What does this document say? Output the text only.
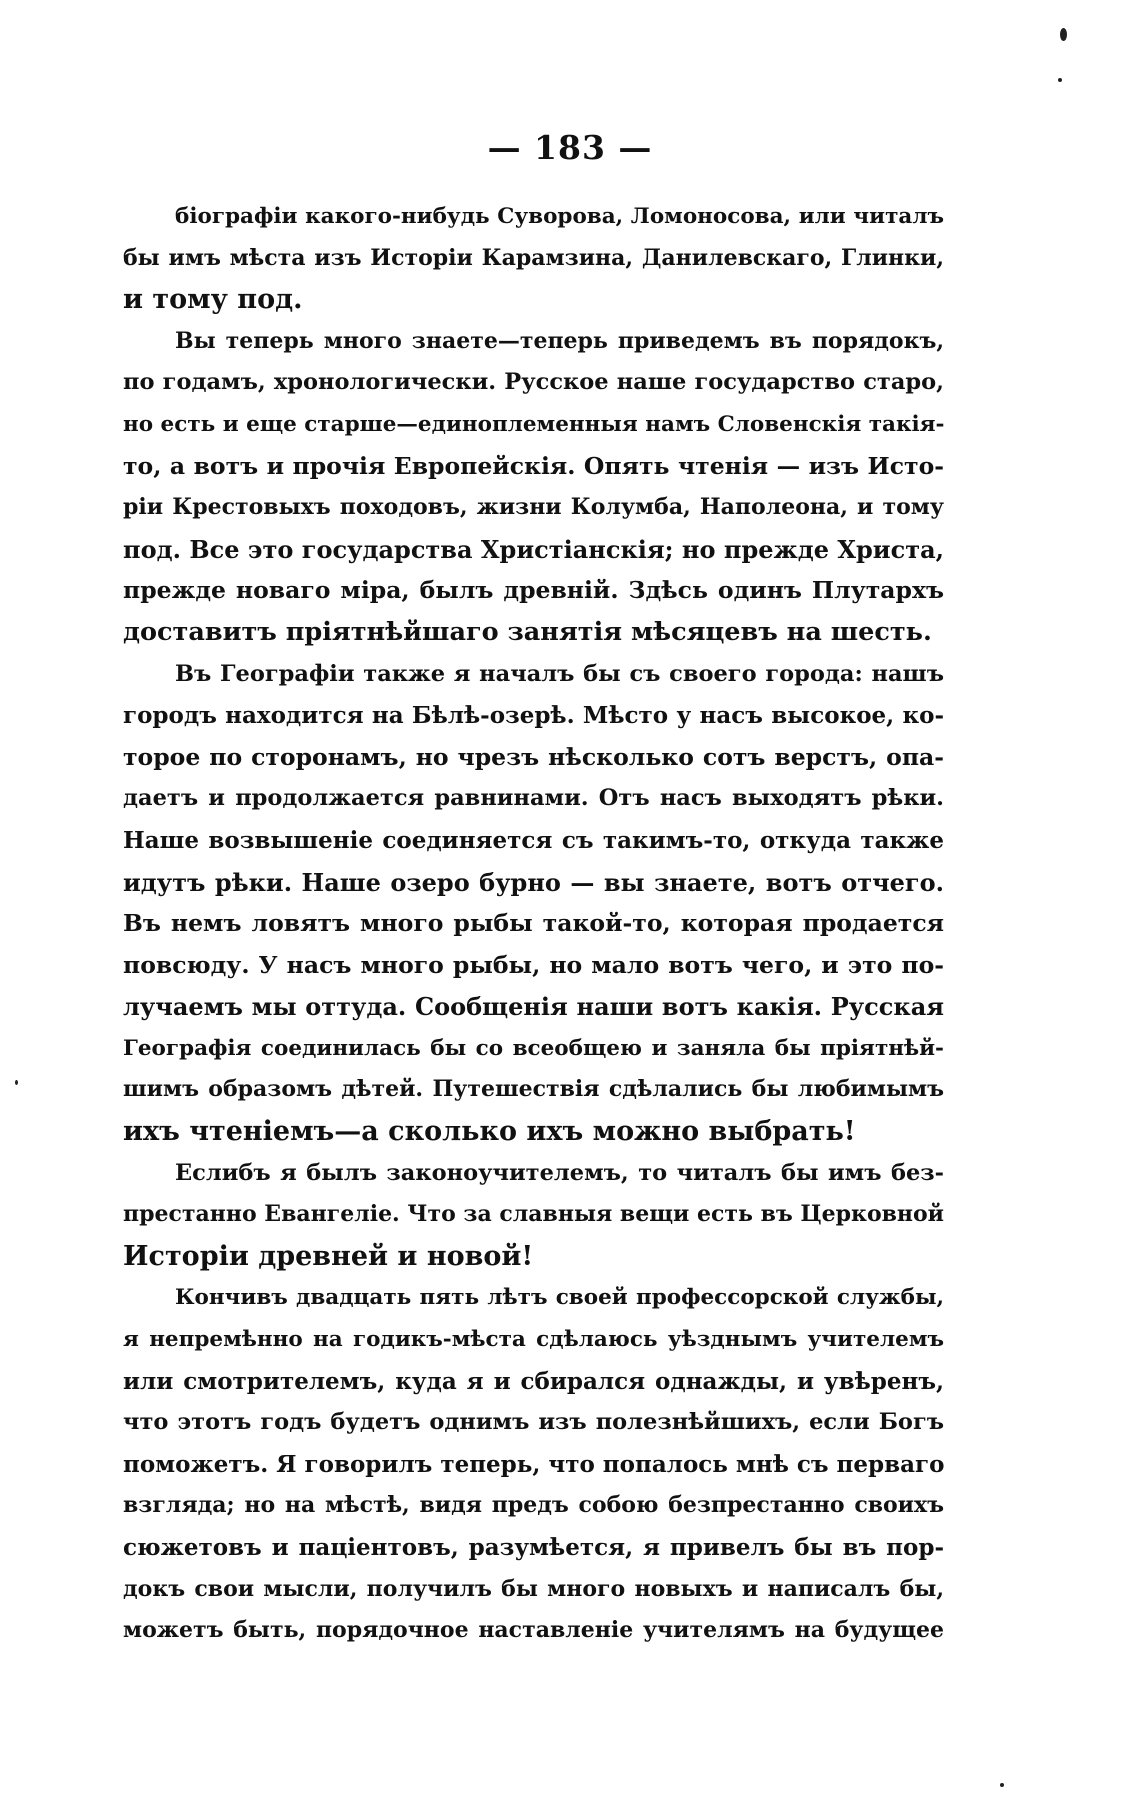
— 183 —
біографіи какого-нибудь Суворова, Ломоносова, или читалъ
бы имъ мѣста изъ Исторіи Карамзина, Данилевскаго, Глинки,
и тому под.
Вы теперь много знаете—теперь приведемъ въ порядокъ,
по годамъ, хронологически. Русское наше государство старо,
но есть и еще старше—единоплеменныя намъ Словенскія такія-
то, а вотъ и прочія Европейскія. Опять чтенія — изъ Исто-
ріи Крестовыхъ походовъ, жизни Колумба, Наполеона, и тому
под. Все это государства Христіанскія; но прежде Христа,
прежде новаго міра, былъ древній. Здѣсь одинъ Плутархъ
доставитъ пріятнѣйшаго занятія мѣсяцевъ на шесть.
Въ Географіи также я началъ бы съ своего города: нашъ
городъ находится на Бѣлѣ-озерѣ. Мѣсто у насъ высокое, ко-
торое по сторонамъ, но чрезъ нѣсколько сотъ верстъ, опа-
даетъ и продолжается равнинами. Отъ насъ выходятъ рѣки.
Наше возвышеніе соединяется съ такимъ-то, откуда также
идутъ рѣки. Наше озеро бурно — вы знаете, вотъ отчего.
Въ немъ ловятъ много рыбы такой-то, которая продается
повсюду. У насъ много рыбы, но мало вотъ чего, и это по-
лучаемъ мы оттуда. Сообщенія наши вотъ какія. Русская
Географія соединилась бы со всеобщею и заняла бы пріятнѣй-
шимъ образомъ дѣтей. Путешествія сдѣлались бы любимымъ
ихъ чтеніемъ—а сколько ихъ можно выбрать!
Еслибъ я былъ законоучителемъ, то читалъ бы имъ без-
престанно Евангеліе. Что за славныя вещи есть въ Церковной
Исторіи древней и новой!
Кончивъ двадцать пять лѣтъ своей профессорской службы,
я непремѣнно на годикъ-мѣста сдѣлаюсь уѣзднымъ учителемъ
или смотрителемъ, куда я и сбирался однажды, и увѣренъ,
что этотъ годъ будетъ однимъ изъ полезнѣйшихъ, если Богъ
поможетъ. Я говорилъ теперь, что попалось мнѣ съ перваго
взгляда; но на мѣстѣ, видя предъ собою безпрестанно своихъ
сюжетовъ и паціентовъ, разумѣется, я привелъ бы въ пор-
докъ свои мысли, получилъ бы много новыхъ и написалъ бы,
можетъ быть, порядочное наставленіе учителямъ на будущее
